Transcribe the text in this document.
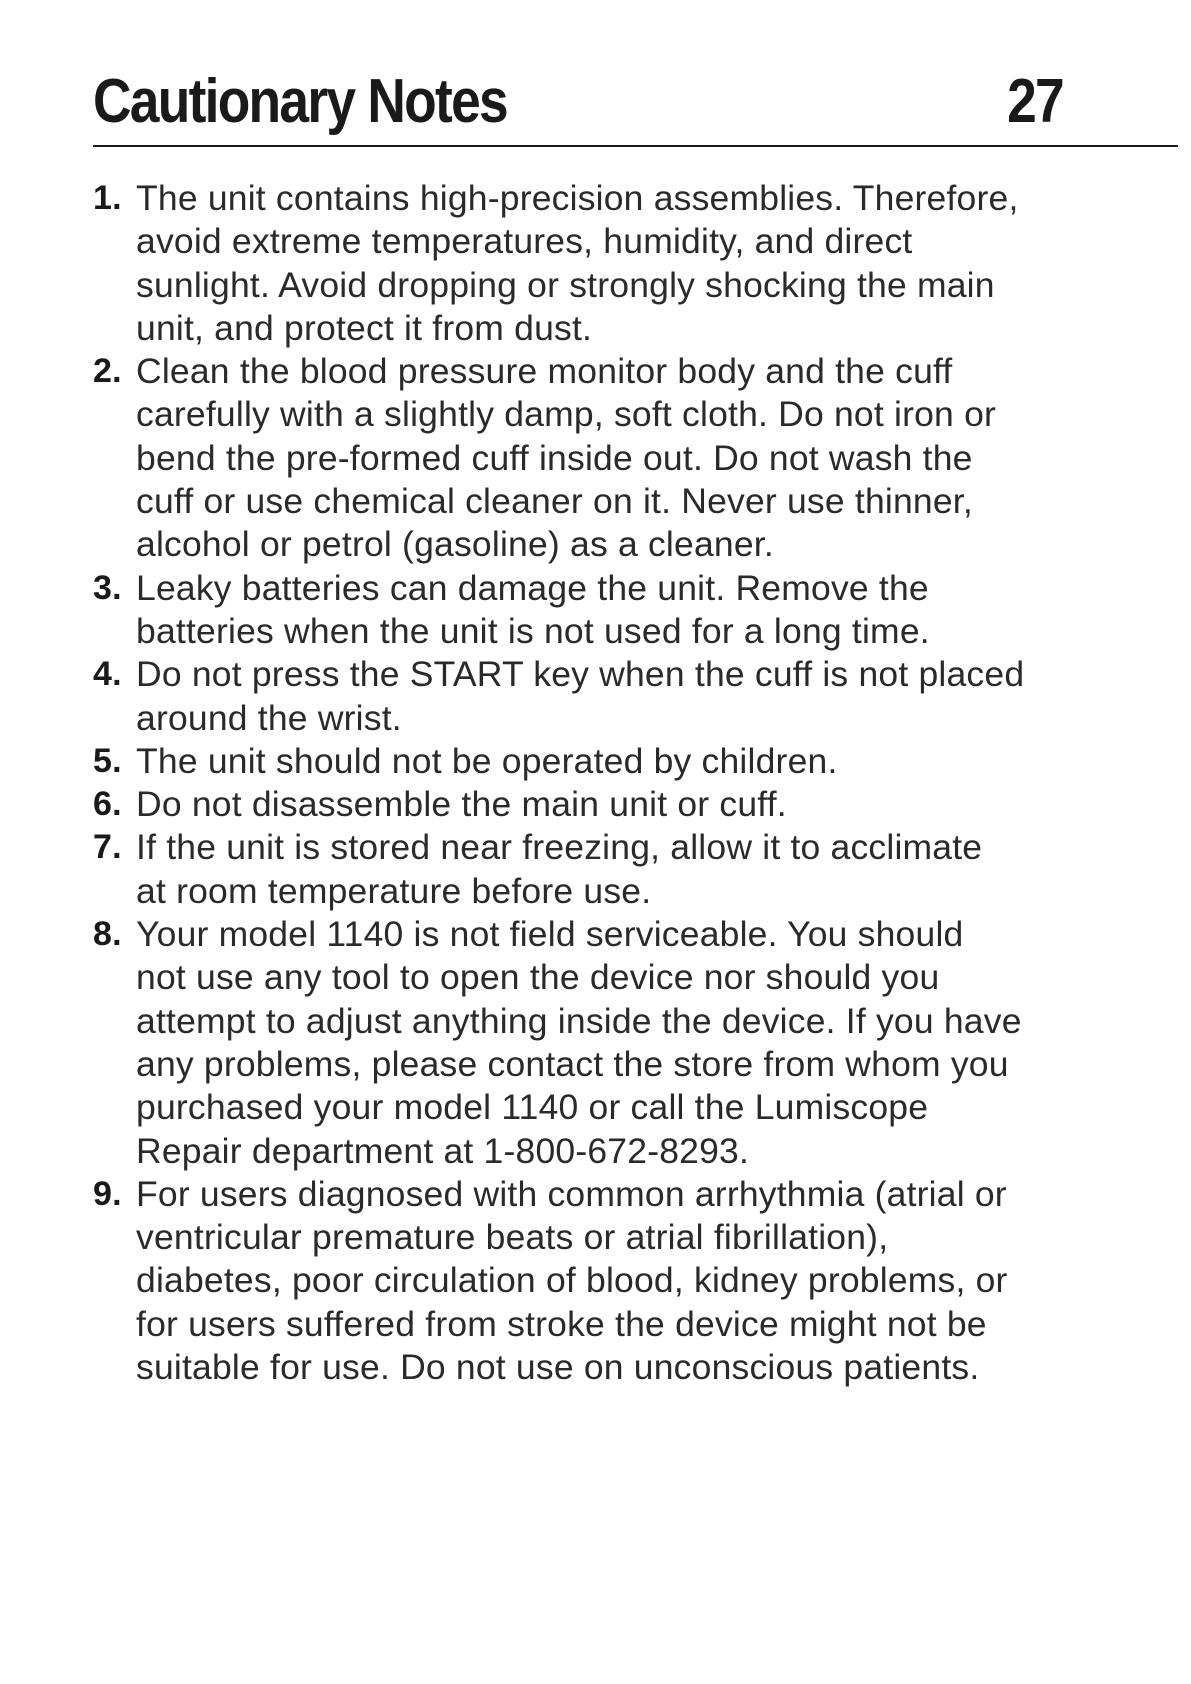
Cautionary Notes	27
1. The unit contains high-precision assemblies. Therefore,
avoid extreme temperatures, humidity, and direct
sunlight. Avoid dropping or strongly shocking the main
unit, and protect it from dust.
2. Clean the blood pressure monitor body and the cuff
carefully with a slightly damp, soft cloth. Do not iron or
bend the pre-formed cuff inside out. Do not wash the
cuff or use chemical cleaner on it. Never use thinner,
alcohol or petrol (gasoline) as a cleaner.
3. Leaky batteries can damage the unit. Remove the
batteries when the unit is not used for a long time.
4. Do not press the START key when the cuff is not placed
around the wrist.
5. The unit should not be operated by children.
6. Do not disassemble the main unit or cuff.
7. If the unit is stored near freezing, allow it to acclimate
at room temperature before use.
8. Your model 1140 is not field serviceable. You should
not use any tool to open the device nor should you
attempt to adjust anything inside the device. If you have
any problems, please contact the store from whom you
purchased your model 1140 or call the Lumiscope
Repair department at 1-800-672-8293.
9. For users diagnosed with common arrhythmia (atrial or
ventricular premature beats or atrial fibrillation),
diabetes, poor circulation of blood, kidney problems, or
for users suffered from stroke the device might not be
suitable for use. Do not use on unconscious patients.
